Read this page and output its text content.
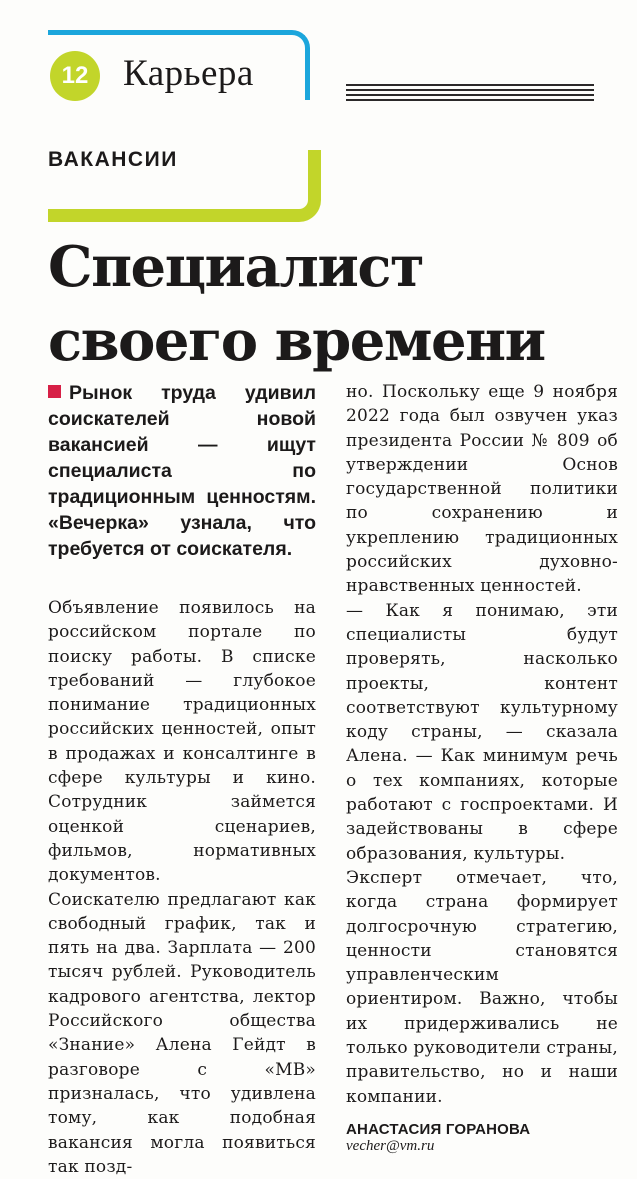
12 Карьера
ВАКАНСИИ
Специалист
своего времени

Рынок труда удивил соискателей новой вакансией — ищут специалиста по традиционным ценностям. «Вечерка» узнала, что требуется от соискателя.

Объявление появилось на российском портале по поиску работы. В списке требований — глубокое понимание традиционных российских ценностей, опыт в продажах и консалтинге в сфере культуры и кино. Сотрудник займется оценкой сценариев, фильмов, нормативных документов.

Соискателю предлагают как свободный график, так и пять на два. Зарплата — 200 тысяч рублей. Руководитель кадрового агентства, лектор Российского общества «Знание» Алена Гейдт в разговоре с «МВ» призналась, что удивлена тому, как подобная вакансия могла появиться так позд-

но. Поскольку еще 9 ноября 2022 года был озвучен указ президента России № 809 об утверждении Основ государственной политики по сохранению и укреплению традиционных российских духовно-нравственных ценностей.

— Как я понимаю, эти специалисты будут проверять, насколько проекты, контент соответствуют культурному коду страны, — сказала Алена. — Как минимум речь о тех компаниях, которые работают с госпроектами. И задействованы в сфере образования, культуры.

Эксперт отмечает, что, когда страна формирует долгосрочную стратегию, ценности становятся управленческим ориентиром. Важно, чтобы их придерживались не только руководители страны, правительство, но и наши компании.

АНАСТАСИЯ ГОРАНОВА
vecher@vm.ru
